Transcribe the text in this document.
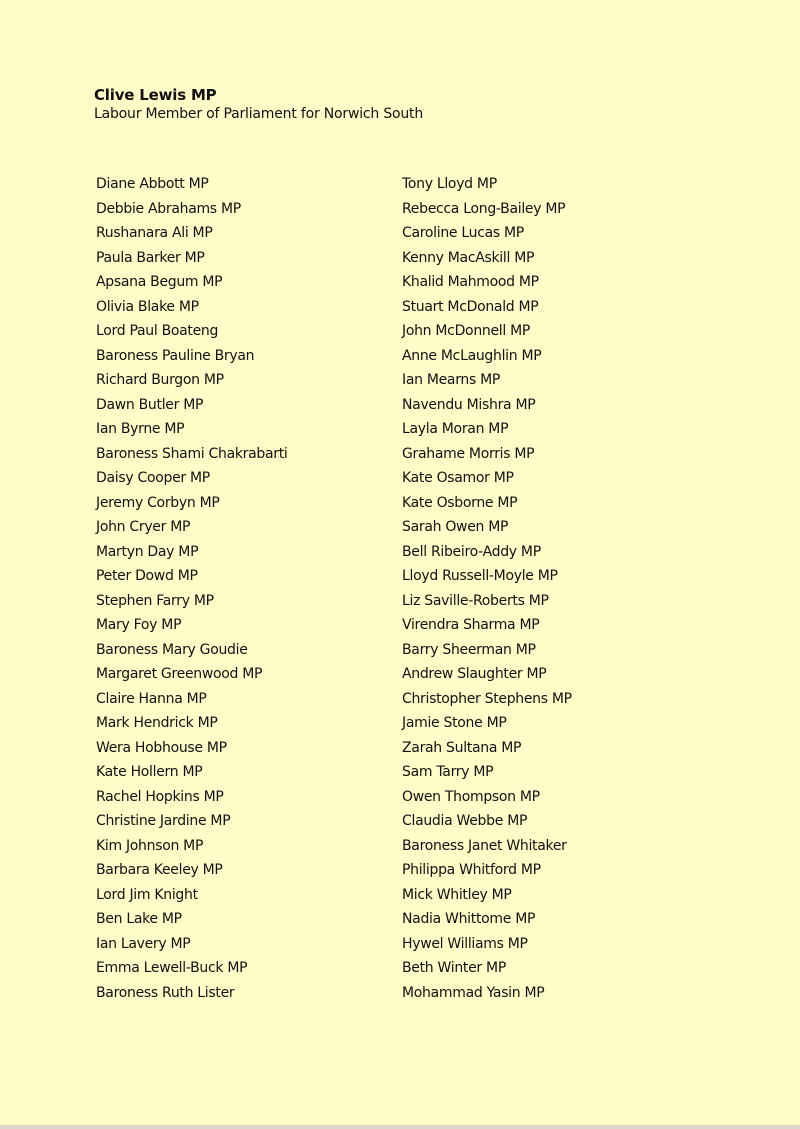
Clive Lewis MP
Labour Member of Parliament for Norwich South
Diane Abbott MP
Debbie Abrahams MP
Rushanara Ali MP
Paula Barker MP
Apsana Begum MP
Olivia Blake MP
Lord Paul Boateng
Baroness Pauline Bryan
Richard Burgon MP
Dawn Butler MP
Ian Byrne MP
Baroness Shami Chakrabarti
Daisy Cooper MP
Jeremy Corbyn MP
John Cryer MP
Martyn Day MP
Peter Dowd MP
Stephen Farry MP
Mary Foy MP
Baroness Mary Goudie
Margaret Greenwood MP
Claire Hanna MP
Mark Hendrick MP
Wera Hobhouse MP
Kate Hollern MP
Rachel Hopkins MP
Christine Jardine MP
Kim Johnson MP
Barbara Keeley MP
Lord Jim Knight
Ben Lake MP
Ian Lavery MP
Emma Lewell-Buck MP
Baroness Ruth Lister
Tony Lloyd MP
Rebecca Long-Bailey MP
Caroline Lucas MP
Kenny MacAskill MP
Khalid Mahmood MP
Stuart McDonald MP
John McDonnell MP
Anne McLaughlin MP
Ian Mearns MP
Navendu Mishra MP
Layla Moran MP
Grahame Morris MP
Kate Osamor MP
Kate Osborne MP
Sarah Owen MP
Bell Ribeiro-Addy MP
Lloyd Russell-Moyle MP
Liz Saville-Roberts MP
Virendra Sharma MP
Barry Sheerman MP
Andrew Slaughter MP
Christopher Stephens MP
Jamie Stone MP
Zarah Sultana MP
Sam Tarry MP
Owen Thompson MP
Claudia Webbe MP
Baroness Janet Whitaker
Philippa Whitford MP
Mick Whitley MP
Nadia Whittome MP
Hywel Williams MP
Beth Winter MP
Mohammad Yasin MP
